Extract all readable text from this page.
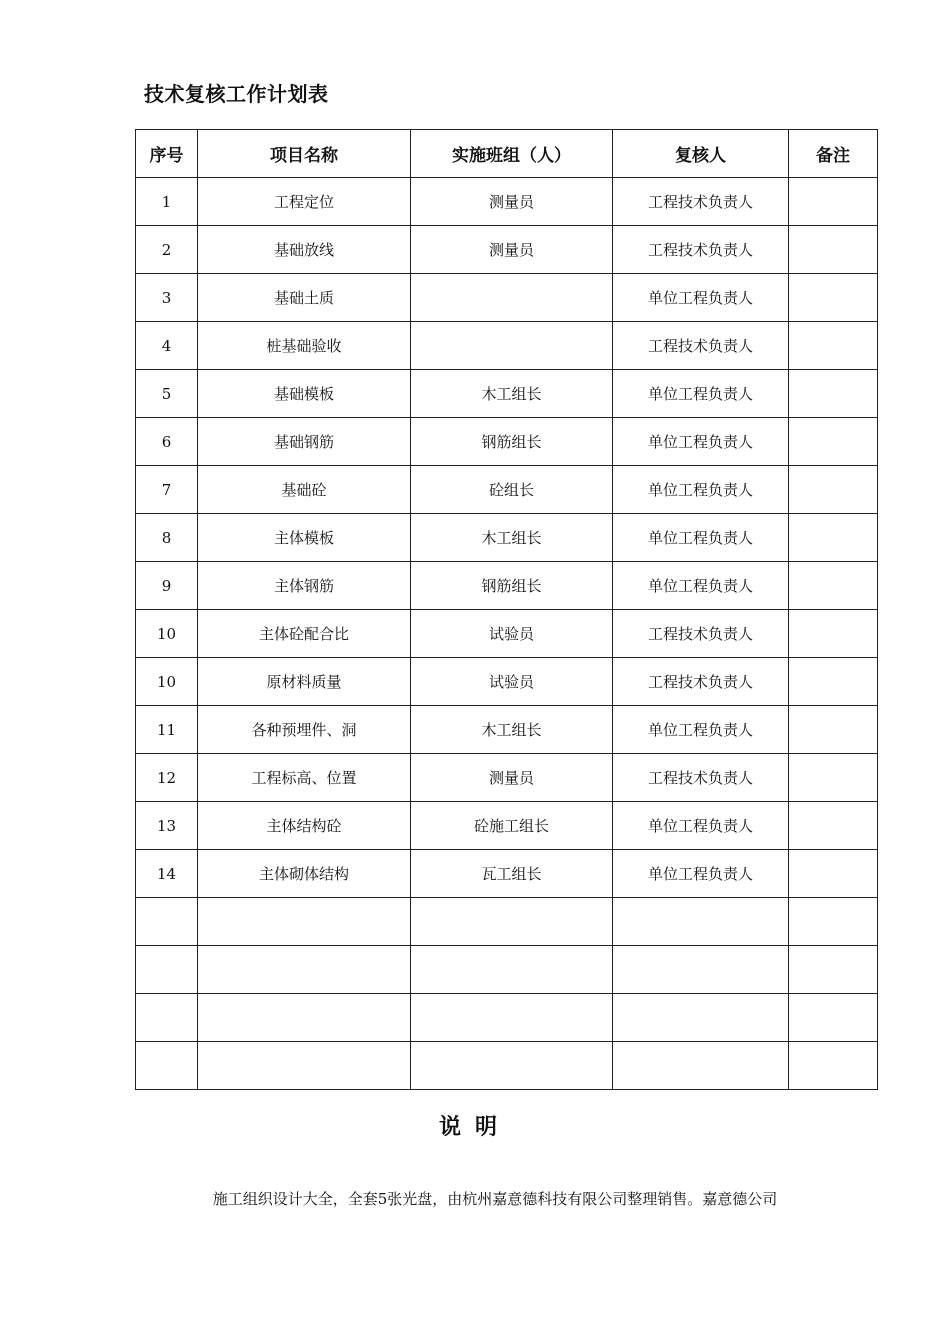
技术复核工作计划表
序号	项目名称	实施班组（人）	复核人	备注
1	工程定位	测量员	工程技术负责人	
2	基础放线	测量员	工程技术负责人	
3	基础土质		单位工程负责人	
4	桩基础验收		工程技术负责人	
5	基础模板	木工组长	单位工程负责人	
6	基础钢筋	钢筋组长	单位工程负责人	
7	基础砼	砼组长	单位工程负责人	
8	主体模板	木工组长	单位工程负责人	
9	主体钢筋	钢筋组长	单位工程负责人	
10	主体砼配合比	试验员	工程技术负责人	
10	原材料质量	试验员	工程技术负责人	
11	各种预埋件、洞	木工组长	单位工程负责人	
12	工程标高、位置	测量员	工程技术负责人	
13	主体结构砼	砼施工组长	单位工程负责人	
14	主体砌体结构	瓦工组长	单位工程负责人	

说明
施工组织设计大全，全套5张光盘，由杭州嘉意德科技有限公司整理销售。嘉意德公司
